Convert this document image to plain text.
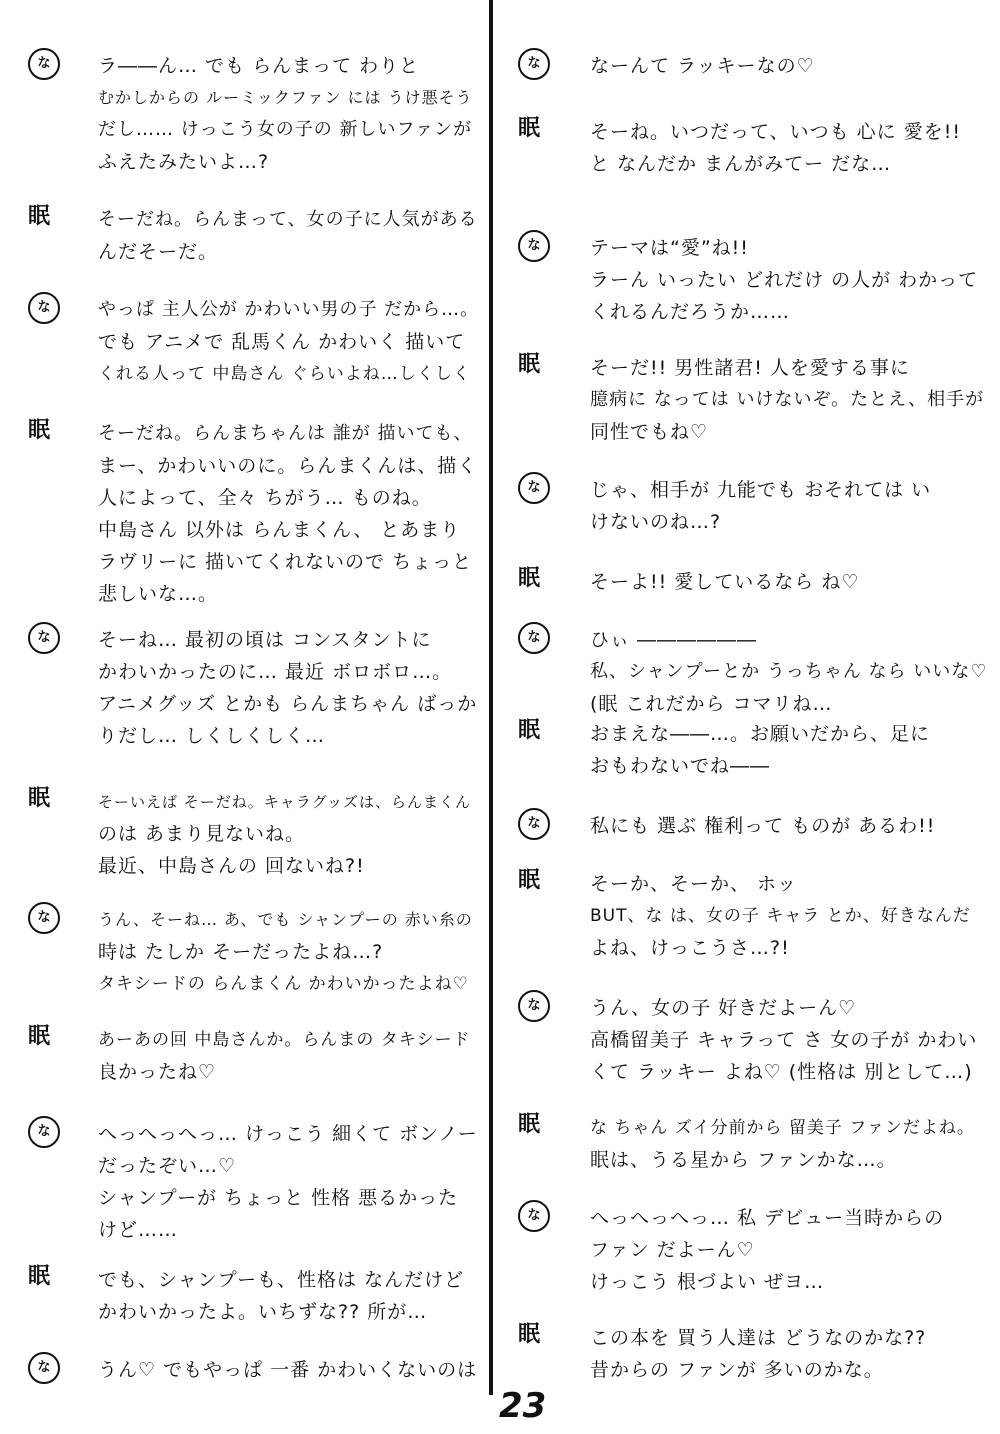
な	ラ――ん… でも らんまって わりと
むかしからの ルーミックファン には うけ悪そう
だし…… けっこう女の子の 新しいファンが
ふえたみたいよ…?
眠	そーだね。らんまって、女の子に人気がある
んだそーだ。
な	やっぱ 主人公が かわいい男の子 だから…。
でも アニメで 乱馬くん かわいく 描いて
くれる人って 中島さん ぐらいよね…しくしく
眠	そーだね。らんまちゃんは 誰が 描いても、
まー、かわいいのに。らんまくんは、描く
人によって、全々 ちがう… ものね。
中島さん 以外は らんまくん、 とあまり
ラヴリーに 描いてくれないので ちょっと
悲しいな…。
な	そーね… 最初の頃は コンスタントに
かわいかったのに… 最近 ボロボロ…。
アニメグッズ とかも らんまちゃん ばっか
りだし… しくしくしく…
眠	そーいえば そーだね。キャラグッズは、らんまくん
のは あまり見ないね。
最近、中島さんの 回ないね?!
な	うん、そーね… あ、でも シャンプーの 赤い糸の
時は たしか そーだったよね…?
タキシードの らんまくん かわいかったよね♡
眠	あーあの回 中島さんか。らんまの タキシード
良かったね♡
な	へっへっへっ… けっこう 細くて ボンノー
だったぞい…♡
シャンプーが ちょっと 性格 悪るかった
けど……
眠	でも、シャンプーも、性格は なんだけど
かわいかったよ。いちずな?? 所が…
な	うん♡ でもやっぱ 一番 かわいくないのは
な	なーんて ラッキーなの♡
眠	そーね。いつだって、いつも 心に 愛を!!
と なんだか まんがみてー だな…
な	テーマは“愛”ね!!
ラーん いったい どれだけ の人が わかって
くれるんだろうか……
眠	そーだ!! 男性諸君! 人を愛する事に
臆病に なっては いけないぞ。たとえ、相手が
同性でもね♡
な	じゃ、相手が 九能でも おそれては い
けないのね…?
眠	そーよ!! 愛しているなら ね♡
な	ひぃ ――――――
私、シャンプーとか うっちゃん なら いいな♡
(眠 これだから コマリね…
眠	おまえな――…。お願いだから、足に
おもわないでね――
な	私にも 選ぶ 権利って ものが あるわ!!
眠	そーか、そーか、 ホッ
BUT、な は、女の子 キャラ とか、好きなんだ
よね、けっこうさ…?!
な	うん、女の子 好きだよーん♡
高橋留美子 キャラって さ 女の子が かわい
くて ラッキー よね♡ (性格は 別として…)
眠	な ちゃん ズイ分前から 留美子 ファンだよね。
眠は、うる星から ファンかな…。
な	へっへっへっ… 私 デビュー当時からの
ファン だよーん♡
けっこう 根づよい ぜヨ…
眠	この本を 買う人達は どうなのかな??
昔からの ファンが 多いのかな。
23
